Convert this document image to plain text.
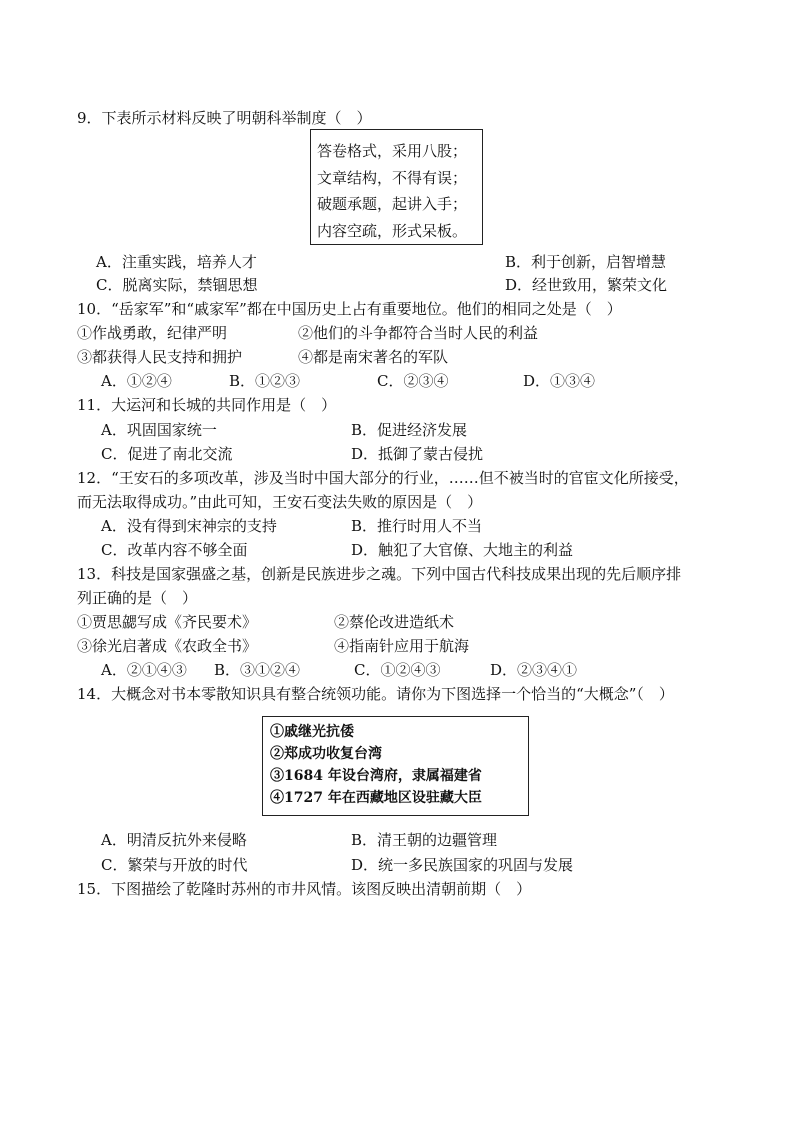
9．下表所示材料反映了明朝科举制度（　）
答卷格式，采用八股；
文章结构，不得有误；
破题承题，起讲入手；
内容空疏，形式呆板。
A．注重实践，培养人才	B．利于创新，启智增慧
C．脱离实际，禁锢思想	D．经世致用，繁荣文化
10．“岳家军”和“戚家军”都在中国历史上占有重要地位。他们的相同之处是（　）
①作战勇敢，纪律严明	②他们的斗争都符合当时人民的利益
③都获得人民支持和拥护	④都是南宋著名的军队
A．①②④	B．①②③	C．②③④	D．①③④
11．大运河和长城的共同作用是（　）
A．巩固国家统一	B．促进经济发展
C．促进了南北交流	D．抵御了蒙古侵扰
12．“王安石的多项改革，涉及当时中国大部分的行业，……但不被当时的官宦文化所接受，
而无法取得成功。”由此可知，王安石变法失败的原因是（　）
A．没有得到宋神宗的支持	B．推行时用人不当
C．改革内容不够全面	D．触犯了大官僚、大地主的利益
13．科技是国家强盛之基，创新是民族进步之魂。下列中国古代科技成果出现的先后顺序排
列正确的是（　）
①贾思勰写成《齐民要术》	②蔡伦改进造纸术
③徐光启著成《农政全书》	④指南针应用于航海
A．②①④③ B．③①②④	C．①②④③	D．②③④①
14．大概念对书本零散知识具有整合统领功能。请你为下图选择一个恰当的“大概念”（　）
①戚继光抗倭
②郑成功收复台湾
③1684 年设台湾府，隶属福建省
④1727 年在西藏地区设驻藏大臣
A．明清反抗外来侵略	B．清王朝的边疆管理
C．繁荣与开放的时代	D．统一多民族国家的巩固与发展
15．下图描绘了乾隆时苏州的市井风情。该图反映出清朝前期（　）
